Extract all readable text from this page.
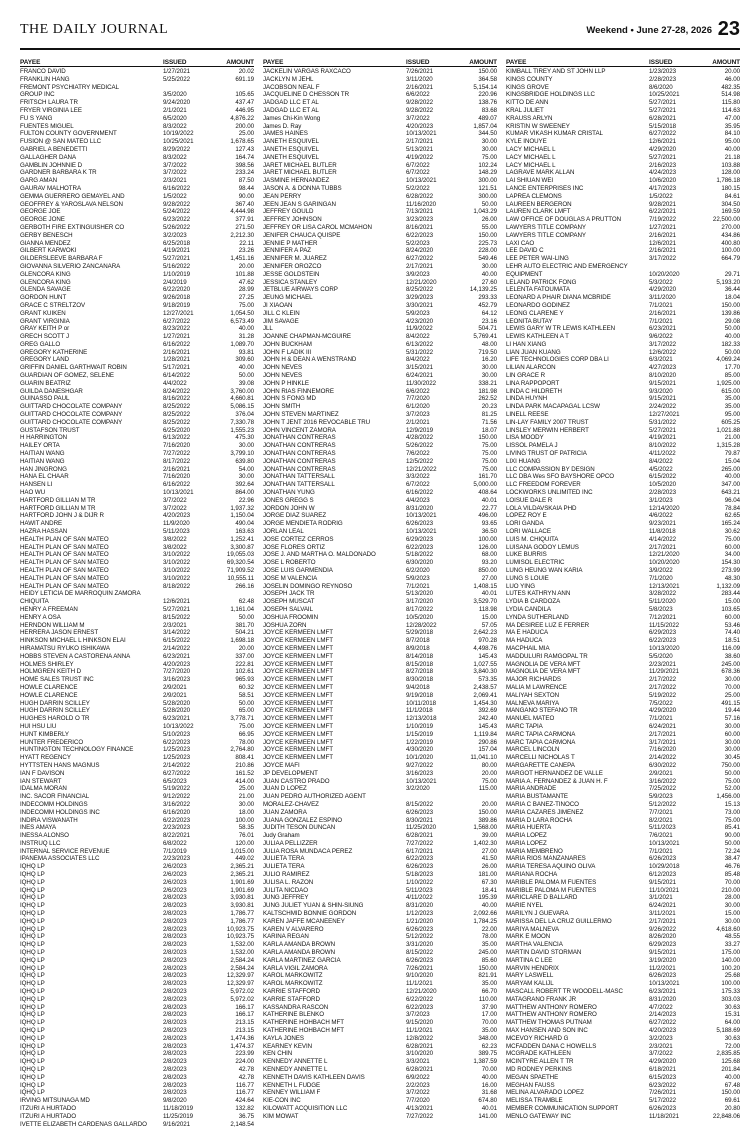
THE DAILY JOURNAL	Weekend • June 27-28, 2026 23
PAYEE	ISSUED	AMOUNT
FRANCO DAVID	1/27/2021	20.02
FRANKLIN HANG	5/25/2022	691.19
FREMONT PSYCHIATRY MEDICAL
GROUP INC	3/5/2020	105.65
FRITSCH LAURA TR	9/24/2020	437.47
FRYER VIRGINIA LEE	2/1/2021	446.95
FU S YANG	6/5/2020	4,876.22
FUENTES MIGUEL	8/3/2022	200.00
FULTON COUNTY GOVERNMENT	10/19/2022	25.00
FUSION @ SAN MATEO LLC	10/25/2021	1,678.65
GABRIEL A BENEDETTI	8/29/2022	127.43
GALLAGHER DANA	8/3/2022	164.74
GAMBLIN JOHNNIE D	3/7/2022	398.56
GARDNER BARBARA K TR	3/7/2022	233.24
GARG AMAN	2/3/2021	87.50
GAURAV MALHOTRA	6/16/2022	98.44
GEMMA GUERRERO GEMAYEL AND	1/5/2022	90.00
GEOFFREY & YAROSLAVA NELSON	9/28/2022	367.40
GEORGE JOE	5/24/2022	4,444.98
GEORGE JONE	6/23/2022	377.91
GERBOTH FIRE EXTINGUISHER CO	5/26/2022	271.50
GERBY BENESCH	3/2/2023	2,212.30
GIANNA MENDEZ	6/25/2018	22.11
GILBERT KARWOKI	4/19/2021	23.26
GILDERSLEEVE BARBARA F	5/27/2021	1,451.16
GIOVANNA SILVERIO ZANCANARA	5/16/2022	20.00
GLENCORA KING	1/10/2019	101.88
GLENCORA KING	2/4/2019	47.62
GLENDA SAVAGE	6/22/2020	28.99
GORDON HUNT	9/26/2018	27.25
GRACE C STRELTZOV	9/18/2019	75.00
GRANT KUIKEN	12/27/2021	1,054.50
GRANT VIRGINIA	6/27/2022	6,573.49
GRAY KEITH P or	8/23/2022	40.00
GRECH SCOTT J	1/27/2021	31.28
GREG GALLO	6/16/2022	1,089.70
GREGORY KATHERINE	2/16/2021	93.81
GREGORY LAND	1/28/2021	309.60
GRIFFIN DANIEL GARTHWAIT ROBIN	5/17/2021	40.00
GUARDIAN OF GOMEZ, SELENE	6/14/2022	50.00
GUARIN BEATRIZ	4/4/2022	39.08
GUILDA DANESHGAR	8/24/2022	3,760.00
GUINASSO PAUL	8/16/2022	4,660.81
GUITTARD CHOCOLATE COMPANY	8/25/2022	5,086.15
GUITTARD CHOCOLATE COMPANY	8/25/2022	376.04
GUITTARD CHOCOLATE COMPANY	8/25/2022	7,330.78
GUSTAFSON TRUST	6/25/2020	1,555.23
H HARRINGTON	6/13/2022	475.30
HAILEY ORTA	7/16/2020	30.00
HAITIAN WANG	7/27/2022	3,799.10
HAITIAN WANG	8/17/2022	639.80
HAN JINGRONG	2/16/2021	54.00
HANA EL CHAAR	7/16/2020	30.00
HANSEN LI	6/16/2022	392.64
HAO WU	10/13/2021	864.00
HARTFORD GILLIAN M TR	3/7/2022	22.96
HARTFORD GILLIAN M TR	3/7/2022	1,937.32
HARTFORD JOHN J & DIJR R	4/20/2023	1,150.04
HAWIT ANDRE	11/9/2020	490.04
HAZRA HASSAN	5/11/2023	163.63
HEALTH PLAN OF SAN MATEO	3/8/2022	1,252.41
HEALTH PLAN OF SAN MATEO	3/8/2022	3,300.87
HEALTH PLAN OF SAN MATEO	3/10/2022	19,055.03
HEALTH PLAN OF SAN MATEO	3/10/2022	69,320.54
HEALTH PLAN OF SAN MATEO	3/10/2022	71,909.52
HEALTH PLAN OF SAN MATEO	3/10/2022	10,555.11
HEALTH PLAN OF SAN MATEO	8/18/2022	266.16
HEIDY LETICIA DE MARROQUIN ZAMORA
CHIQUITA	12/6/2021	62.48
HENRY A FREEMAN	5/27/2021	1,161.04
HENRY A OSA	8/15/2022	50.00
HERNDON WILLIAM M	2/3/2021	381.70
HERRERA JASON ERNEST	3/14/2022	504.21
HINKSON MICHAEL L HINKSON ELAI	6/15/2022	1,698.18
HIRAMATSU RYUKO ISHIKAWA	2/14/2022	20.00
HOBBS STEVEN A CASTORENA ANNA	6/23/2021	337.00
HOLMES SHIRLEY	4/20/2023	222.81
HOLMGREN KEITH D	7/27/2020	102.61
HOME SALES TRUST INC	3/16/2023	965.93
HOWLE CLARENCE	2/9/2021	60.32
HOWLE CLARENCE	2/9/2021	58.51
HUGH DARRIN SCILLEY	5/28/2020	50.00
HUGH DARRIN SCILLEY	5/28/2020	65.00
HUGHES HAROLD O TR	6/23/2021	3,778.71
HUI HSU LIU	10/13/2022	75.00
HUNT KIMBERLY	5/10/2023	66.95
HUNTER FREDERICO	6/22/2023	78.00
HUNTINGTON TECHNOLOGY FINANCE	1/25/2023	2,764.80
HYATT REGENCY	1/25/2023	808.41
HYTTSTEN HANS MAGNUS	2/14/2022	210.86
IAN F DAVISON	6/27/2022	161.52
IAN STEWART	6/5/2023	414.00
IDALMA MORAN	5/19/2022	25.00
INC. SACOR FINANCIAL	9/12/2022	21.00
INDECOMM HOLDINGS	3/16/2022	30.00
INDECOMM HOLDINGS INC	6/16/2020	18.00
INDIRA VISWANATH	6/22/2023	100.00
INES AMAYA	2/23/2023	58.35
INESSA ALONSO	8/22/2021	76.01
INSTRUQ LLC	6/8/2022	120.00
INTERNAL SERVICE REVENUE	7/1/2019	1,015.00
IPANEMA ASSOCIATES LLC	2/23/2023	449.02
IQHQ LP	2/6/2023	2,365.21
IQHQ LP	2/6/2023	2,365.21
IQHQ LP	2/6/2023	1,901.69
IQHQ LP	2/6/2023	1,901.69
IQHQ LP	2/8/2023	3,930.81
IQHQ LP	2/8/2023	3,930.81
IQHQ LP	2/8/2023	1,786.77
IQHQ LP	2/8/2023	1,786.77
IQHQ LP	2/8/2023	10,923.75
IQHQ LP	2/8/2023	10,923.75
IQHQ LP	2/8/2023	1,532.00
IQHQ LP	2/8/2023	1,532.00
IQHQ LP	2/8/2023	2,584.24
IQHQ LP	2/8/2023	2,584.24
IQHQ LP	2/8/2023	12,329.97
IQHQ LP	2/8/2023	12,329.97
IQHQ LP	2/8/2023	5,972.02
IQHQ LP	2/8/2023	5,972.02
IQHQ LP	2/8/2023	166.17
IQHQ LP	2/8/2023	166.17
IQHQ LP	2/8/2023	213.15
IQHQ LP	2/8/2023	213.15
IQHQ LP	2/8/2023	1,474.36
IQHQ LP	2/8/2023	1,474.37
IQHQ LP	2/8/2023	223.99
IQHQ LP	2/8/2023	224.00
IQHQ LP	2/8/2023	42.78
IQHQ LP	2/8/2023	42.78
IQHQ LP	2/8/2023	116.77
IQHQ LP	2/8/2023	116.77
IRVING MITSUNAGA MD	9/8/2020	424.64
ITZURI A HURTADO	11/18/2019	132.82
ITZURI A HURTADO	11/25/2019	36.75
IVETTE ELIZABETH CARDENAS GALLARDO	9/16/2021	2,148.54
PAYEE	ISSUED	AMOUNT
JACKELIN VARGAS RAXCACO	7/26/2021	150.00
JACKLYN M JEHL	3/11/2020	364.58
JACOBSON NEAL F	2/16/2021	5,154.14
JACQUELINE D CHESSON TR	6/6/2022	220.96
JADGAD LLC ET AL	9/28/2022	138.76
JADGAD LLC ET AL	9/28/2022	83.68
James Chi-Kin Wong	3/7/2022	489.07
James D. Ray	4/20/2023	1,857.04
JAMES HAINES	10/13/2021	344.50
JANETH ESQUIVEL	2/17/2021	30.00
JANETH ESQUIVEL	5/13/2021	30.00
JANETH ESQUIVEL	4/19/2022	75.00
JARET MICHAEL BUTLER	6/7/2022	102.24
JARET MICHAEL BUTLER	6/7/2022	148.29
JASMINE HERNANDEZ	10/13/2021	300.00
JASON A. & DONNA TUBBS	5/2/2022	121.51
JEAN PERRY	6/28/2022	300.00
JEEN JEAN S GARINGAN	11/16/2020	50.00
JEFFREY GOULD	7/13/2021	1,043.29
JEFFREY JOHNSON	3/23/2023	26.00
JEFFREY OR LISA CAROL MCMAHON	8/16/2021	55.00
JENIFER CHAUCA QUISPE	6/22/2023	150.00
JENNIE P MATHER	5/2/2023	225.73
JENNIFER A PAZ	8/24/2020	228.00
JENNIFER M. JUAREZ	6/27/2022	549.46
JENNIFER OROZCO	2/17/2021	30.00
JESSE GOLDSTEIN	3/9/2023	40.00
JESSICA STANLEY	12/21/2020	27.60
JETBLUE AIRWAYS CORP	8/25/2022	14,139.25
JEUNG MICHAEL	3/29/2023	293.33
JI XIAOAN	3/30/2021	452.79
JILL C KLEIN	5/9/2023	64.12
JIM SAVAGE	4/23/2020	23.16
JLL	11/9/2022	504.71
JOANNE CHAPMAN-MCGUIRE	8/4/2022	5,769.41
JOHN BUCKHAM	6/13/2022	48.00
JOHN F LADIK III	5/31/2022	719.50
JOHN H & DEAN A WENSTRAND	8/4/2022	16.20
JOHN NEVES	3/15/2021	30.00
JOHN NEVES	6/24/2021	30.00
JOHN P HINKLE	11/30/2022	338.21
JOHN RIAS FINNEMORE	6/6/2022	181.98
JOHN S FONG MD	7/7/2020	262.52
JOHN SMITH	6/1/2020	20.23
JOHN STEVEN MARTINEZ	3/7/2023	81.25
JOHN T JENT 2016 REVOCABLE TRU	2/1/2021	71.56
JOHN VINCENT ZAMORA	12/9/2019	18.07
JONATHAN CONTRERAS	4/28/2022	150.00
JONATHAN CONTRERAS	5/26/2022	75.00
JONATHAN CONTRERAS	7/6/2022	75.00
JONATHAN CONTRERAS	12/5/2022	75.00
JONATHAN CONTRERAS	12/21/2022	75.00
JONATHAN TATTERSALL	3/3/2022	161.70
JONATHAN TATTERSALL	6/7/2022	5,000.00
JONATHAN YUNG	6/16/2022	408.64
JONES GREGG S	4/4/2023	40.01
JORDON JOHN W	8/31/2020	22.77
JORGE DIAZ SUAREZ	10/13/2021	496.00
JORGE MENDIETA RODRIG	6/26/2023	93.65
JORLAN LEAL	10/13/2021	36.50
JOSE CORTEZ CERROS	6/29/2023	100.00
JOSE FLORES ORTIZ	6/22/2023	126.00
JOSE J. AND MARTHA O. MALDONADO	5/18/2022	68.00
JOSE L ROBERTO	6/30/2020	93.20
JOSE LUIS GARMENDIA	6/2/2020	850.00
JOSE M VALENCIA	5/9/2023	27.00
JOSELIN DOMINGO REYNOSO	7/1/2021	1,408.15
JOSEPH JACK TR	5/13/2020	40.01
JOSEPH MUSCAT	3/17/2020	3,529.70
JOSEPH SALVAIL	8/17/2022	118.98
JOSHUA FROOMIN	10/5/2020	15.00
JOSHUA ZORN	12/28/2022	57.05
JOYCE KERMEEN LMFT	5/29/2018	2,642.23
JOYCE KERMEEN LMFT	8/7/2018	970.28
JOYCE KERMEEN LMFT	8/9/2018	4,498.76
JOYCE KERMEEN LMFT	8/14/2018	145.43
JOYCE KERMEEN LMFT	8/15/2018	1,027.55
JOYCE KERMEEN LMFT	8/27/2018	3,840.30
JOYCE KERMEEN LMFT	8/30/2018	573.35
JOYCE KERMEEN LMFT	9/4/2018	2,438.57
JOYCE KERMEEN LMFT	9/19/2018	2,069.41
JOYCE KERMEEN LMFT	10/11/2018	1,454.30
JOYCE KERMEEN LMFT	11/1/2018	392.69
JOYCE KERMEEN LMFT	12/13/2018	242.40
JOYCE KERMEEN LMFT	1/10/2019	145.43
JOYCE KERMEEN LMFT	1/15/2019	1,119.84
JOYCE KERMEEN LMFT	1/22/2019	290.86
JOYCE KERMEEN LMFT	4/30/2020	157.04
JOYCE KERMEEN LMFT	10/1/2020	11,041.10
JOYCE MAFI	9/27/2022	80.00
JP DEVELOPMENT	3/16/2023	20.00
JUAN CASTRO PRADO	10/13/2021	75.00
JUAN D LOPEZ	3/2/2020	115.00
JUAN PEDRO AUTHORIZED AGENT
MORALEZ-CHAVEZ	8/15/2022	20.00
JUAN ZAMORA	6/26/2023	150.00
JUANA GONZALEZ ESPINO	8/30/2021	389.86
JUDITH TESON DUNCAN	11/25/2020	1,568.00
Judy Graham	6/28/2021	39.00
JULIAA PELLIZZER	7/27/2022	1,402.30
JULIA ROSA MUNDACA PEREZ	6/17/2021	27.00
JULIETA TERA	6/22/2023	41.50
JULIETA TERA	6/26/2023	26.00
JULIO RAMIREZ	5/18/2023	181.00
JULISA L. RAZON	1/10/2022	67.30
JULITA NICDAO	5/11/2023	18.41
JUNG JEFFREY	4/11/2022	195.39
JUNG JULIET YUAN & SHIN-SIUNG	8/31/2020	40.00
KALTSCHMID BONNIE GORDON	1/12/2023	2,092.66
KAREN JAFFE MCANEENEY	1/21/2020	1,784.25
KAREN V ALVARERO	6/26/2023	22.00
KARINA REGAN	5/12/2022	78.00
KARLA AMANDA BROWN	3/31/2020	35.00
KARLA AMANDA BROWN	8/15/2022	245.00
KARLA MARTINEZ GARCIA	6/26/2023	85.60
KARLA VIGIL ZAMORA	7/26/2021	150.00
KAROL MARKOWITZ	9/10/2020	821.91
KAROL MARKOWITZ	11/1/2021	35.00
KARRIE STAFFORD	12/21/2020	66.70
KARRIE STAFFORD	6/22/2022	110.00
KASSANDRA RASCON	6/22/2023	37.90
KATHERINE BLENKO	3/7/2023	17.00
KATHERINE HOHBACH MFT	9/15/2020	70.00
KATHERINE HOHBACH MFT	11/1/2021	35.00
KAYLA JONES	12/8/2022	348.00
KEARNEY KEVIN	6/28/2021	62.23
KEN CHIN	3/10/2020	389.75
KENNEDY ANNETTE L	3/3/2021	1,387.59
KENNEDY ANNETTE L	6/28/2021	70.00
KENNETH DAVIS KATHLEEN DAVIS	6/9/2022	40.00
KENNETH L FUDGE	2/2/2023	16.00
KENNEY WILLIAM F	3/7/2022	31.68
KIE-CON INC	7/7/2020	674.80
KILOWATT ACQUISITION LLC	4/13/2021	40.01
KIM MOWAT	7/27/2022	141.00
PAYEE	ISSUED	AMOUNT
KIMBALL TIREY AND ST JOHN LLP	1/23/2023	20.00
KINGS COUNTY	2/28/2023	46.00
KINGS GROVE	8/6/2020	482.35
KINGSBRIDGE HOLDINGS LLC	10/25/2021	514.98
KITTO DE ANN	5/27/2021	115.80
KRAL JULIET	5/27/2021	114.63
KRAUSS ARLYN	6/28/2021	47.00
KRISTIN W SWEENEY	5/15/2018	35.95
KUMAR VIKASH KUMAR CRISTAL	6/27/2022	84.10
KYLE INOUYE	12/6/2021	95.00
LACY MICHAEL L	4/29/2020	40.00
LACY MICHAEL L	5/27/2021	21.18
LACY MICHAEL L	2/16/2023	103.88
LAGRAVE MARK ALLAN	4/24/2023	128.00
LAI SHIUAN WEI	10/6/2020	1,786.18
LANCE ENTERPRISES INC	4/17/2023	180.15
LAPREA CLEMONS	1/5/2022	84.61
LAUREEN BERGERON	9/28/2021	304.50
LAUREN CLARK LMFT	6/22/2021	169.59
LAW OFFICE OF DOUGLAS A PRUTTON	7/19/2022	22,500.00
LAWYERS TITLE COMPANY	1/27/2021	270.00
LAWYERS TITLE COMPANY	2/16/2021	434.86
LAXI CAO	12/6/2021	400.80
LEE DAVID C	2/16/2021	100.00
LEE PETER WAI-LING	3/17/2022	664.79
LEHR AUTO ELECTRIC AND EMERGENCY
EQUIPMENT	10/20/2020	29.71
LELAND PATRICK FONG	5/3/2022	5,193.20
LELENTA FATOUMATA	4/29/2020	36.44
LEONARD A PHAIR DIANA MCBRIDE	3/11/2020	18.04
LEONARDO GODINEZ	7/1/2021	150.00
LEONG CLARENE Y	2/16/2021	139.86
LEONITA BUTAY	7/1/2021	29.08
LEWIS GARY W TR LEWIS KATHLEEN	6/23/2021	50.00
LEWIS KATHLEEN A T	9/6/2022	40.00
LI HAN XIANG	3/17/2022	182.33
LIAN JUAN KUANG	12/6/2022	50.00
LIFE TECHNOLOGIES CORP DBA LI	6/3/2021	4,069.24
LILIAN ALARCON	4/27/2023	17.70
LIN GRACE R	8/10/2020	85.00
LINA RAPPOPORT	9/15/2021	1,925.00
LINDA C HILDRETH	9/3/2020	615.00
LINDA HUYNH	9/15/2021	35.00
LINDA PARK MACAPAGAL LCSW	2/24/2022	35.00
LINELL REESE	12/27/2021	95.00
LIN-LAY FAMILY 2007 TRUST	5/31/2022	605.25
LINSLEY MERWIN HERBERT	5/27/2021	1,021.88
LISA MOODY	4/19/2021	21.00
LISSOL PAMELA J	8/10/2022	1,315.28
LIVING TRUST OF PATRICIA	4/11/2022	79.87
LIXI HUANG	8/4/2022	15.04
LLC COMPASSION BY DESIGN	4/5/2022	265.00
LLC DBA Wes SFO BAYSHORE OPCO	6/15/2022	40.00
LLC FREEDOM FOREVER	10/5/2020	347.00
LOCKWORKS UNLIMITED INC	2/28/2023	643.21
LOISUE DALE R	3/1/2023	96.04
LOLA VILDAVSKAIA PHD	12/14/2020	78.84
LOPEZ ROY E	4/6/2022	62.65
LORI GANDA	9/23/2021	165.24
LORI WALLACE	11/8/2018	30.62
LUIS M. CHIQUITA	4/14/2022	75.00
LUISANA GODOY LEMUS	2/17/2021	60.00
LUKE BURRIS	12/21/2020	34.00
LUMISOL ELECTRIC	10/20/2020	154.30
LUNG HEUNG WAN KARIA	3/9/2022	273.99
LUNG S LOUIE	7/1/2020	48.30
LUO YING	12/13/2021	1,132.09
LUTES KATHRYN ANN	3/28/2022	283.44
LYDIA B CARDOZA	5/11/2020	15.00
LYDIA CANDILA	5/8/2023	103.65
LYNDA SUTHERLAND	7/12/2021	60.00
MA DESIREE LUZ E FERRER	11/15/2022	53.46
MA E HADUCA	6/29/2023	74.40
MA HADUCA	6/22/2023	18.51
MACPHAIL MIA	10/13/2020	116.09
MADDULURI RAMGOPAL TR	5/5/2020	38.60
MAGNOLIA DE VERA MFT	2/23/2021	245.00
MAGNOLIA DE VERA MFT	11/29/2021	678.36
MAJOR RICHARDS	2/17/2022	30.00
MALIA M LAWRENCE	2/17/2022	70.00
MALIYAH SEXTON	5/19/2022	25.00
MALNEVA MARIYA	7/5/2022	491.15
MANGANO STEFANO TR	4/29/2020	19.44
MANUEL MATEO	7/1/2021	57.16
MARC TAPIA	6/24/2021	30.00
MARC TAPIA CARMONA	2/17/2021	60.00
MARC TAPIA CARMONA	3/17/2021	30.00
MARCEL LINCOLN	7/16/2020	30.00
MARCELLI NICHOLAS T	2/14/2022	30.45
MARGARETTE CANEPA	6/30/2022	750.00
MARGOT HERNANDEZ DE VALLE	2/9/2021	50.00
MARIA A. FERNANDEZ & JUAN H. F	3/16/2022	75.00
MARIA ANDRADE	7/25/2022	52.00
MARIA BUSTAMANTE	5/9/2023	1,456.00
MARIA C BANEZ-TINOCO	5/12/2022	15.13
MARIA CAZARES JIMENEZ	7/7/2021	73.00
MARIA D LARA ROCHA	8/2/2021	75.00
MARIA HUERTA	5/11/2023	85.41
MARIA LOPEZ	7/6/2021	90.00
MARIA LOPEZ	10/13/2021	50.00
MARIA MEMBRENO	7/1/2021	72.24
MARIA RIOS MANZANARES	6/26/2023	38.47
MARIA TERESA AQUINO OLIVA	10/29/2018	46.76
MARIANA ROCHA	6/12/2023	85.48
MARIBLE PALOMA M FUENTES	9/15/2021	70.00
MARIBLE PALOMA M FUENTES	11/10/2021	210.00
MARICLARE D BALLARD	3/1/2021	28.00
MARIE NYEL	6/24/2021	30.00
MARILYN J GUEVARA	3/11/2021	15.00
MARISSA DEL LA CRUZ GUILLERMO	2/17/2021	30.00
MARIYA MALNEVA	9/26/2022	4,618.60
MARK E MOON	8/26/2020	48.55
MARTHA VALENCIA	6/29/2023	33.27
MARTIN DAVID STORMAN	9/15/2021	175.00
MARTINA C LEE	3/19/2020	140.00
MARVIN HENDRIX	11/2/2021	100.20
MARY LASWELL	6/26/2023	25.68
MARYAM KALIJL	10/13/2021	100.00
MASCALL ROBERT TR WOODELL-MASC	6/23/2021	175.33
MATAGRANO FRANK JR	8/31/2020	303.03
MATTHEW ANTHONY ROMERO	4/7/2022	30.63
MATTHEW ANTHONY ROMERO	2/14/2023	15.31
MATTHEW THOMAS PUTNAM	6/27/2022	64.00
MAX HANSEN AND SON INC	4/20/2023	5,188.69
MCEVOY RICHARD G	3/2/2023	30.63
MCFADDEN DANA C HOWELLS	2/3/2021	72.00
MCGRADE KATHLEEN	3/7/2022	2,835.85
MCINTYRE ALLEN T TR	4/29/2020	125.68
MD RODNEY PERKINS	6/18/2021	201.84
MEGAN SPAETHE	6/15/2023	40.00
MEGHAN FAUSS	6/23/2022	67.48
MELINA ALVARADO LOPEZ	7/26/2021	150.00
MELISSA TRAMBLE	5/17/2022	69.61
MEMBER COMMUNICATION SUPPORT	6/26/2023	20.80
MENLO GATEWAY INC	11/18/2021	22,848.06
